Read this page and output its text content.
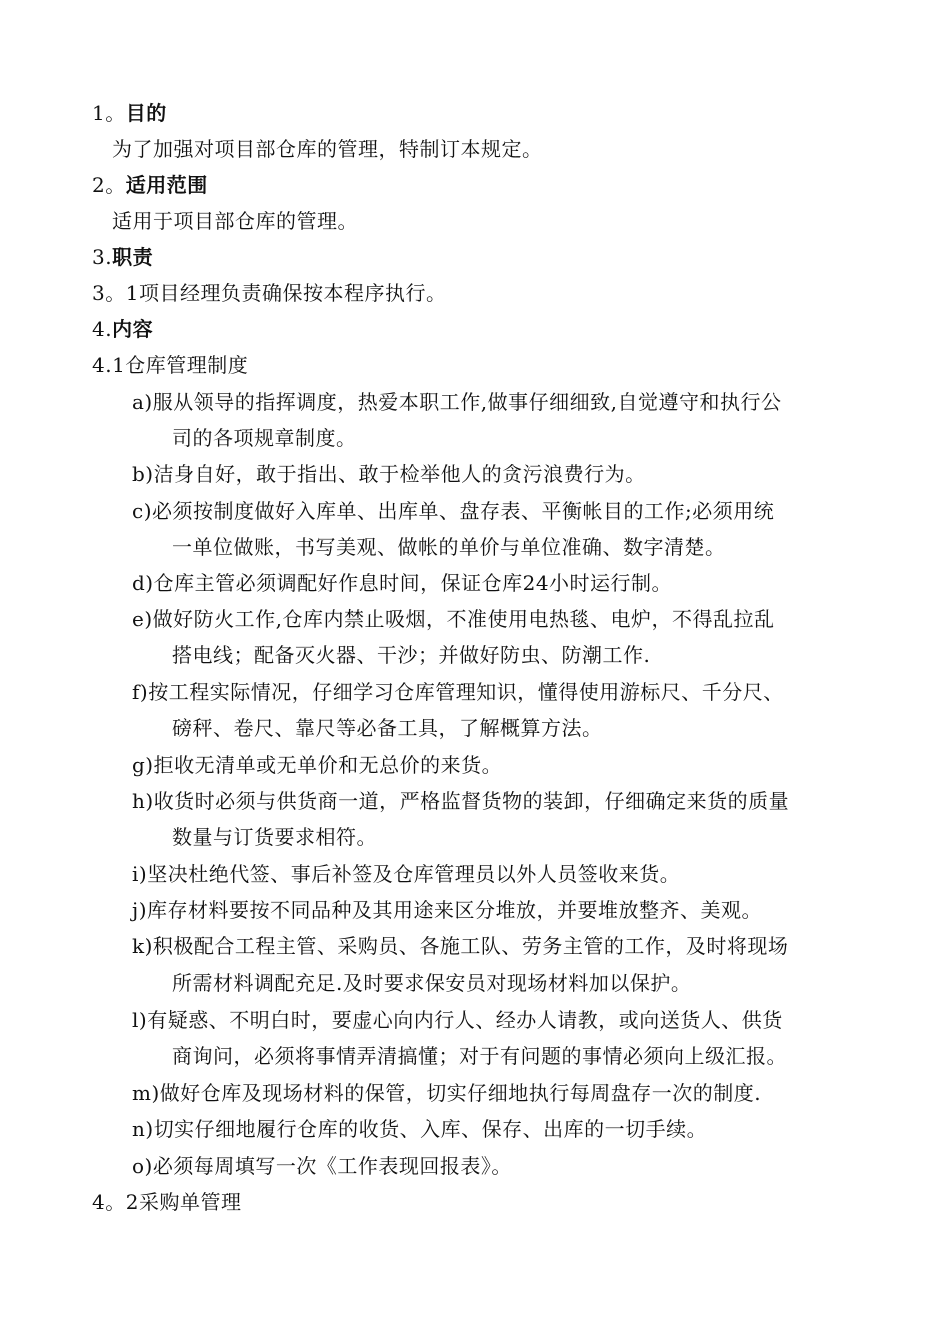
1。目的
为了加强对项目部仓库的管理，特制订本规定。
2。适用范围
适用于项目部仓库的管理。
3.职责
3。1项目经理负责确保按本程序执行。
4.内容
4.1仓库管理制度
a)服从领导的指挥调度，热爱本职工作,做事仔细细致,自觉遵守和执行公
司的各项规章制度。
b)洁身自好，敢于指出、敢于检举他人的贪污浪费行为。
c)必须按制度做好入库单、出库单、盘存表、平衡帐目的工作;必须用统
一单位做账，书写美观、做帐的单价与单位准确、数字清楚。
d)仓库主管必须调配好作息时间，保证仓库24小时运行制。
e)做好防火工作,仓库内禁止吸烟，不准使用电热毯、电炉，不得乱拉乱
搭电线；配备灭火器、干沙；并做好防虫、防潮工作.
f)按工程实际情况，仔细学习仓库管理知识，懂得使用游标尺、千分尺、
磅秤、卷尺、靠尺等必备工具，了解概算方法。
g)拒收无清单或无单价和无总价的来货。
h)收货时必须与供货商一道，严格监督货物的装卸，仔细确定来货的质量
数量与订货要求相符。
i)坚决杜绝代签、事后补签及仓库管理员以外人员签收来货。
j)库存材料要按不同品种及其用途来区分堆放，并要堆放整齐、美观。
k)积极配合工程主管、采购员、各施工队、劳务主管的工作，及时将现场
所需材料调配充足.及时要求保安员对现场材料加以保护。
l)有疑惑、不明白时，要虚心向内行人、经办人请教，或向送货人、供货
商询问，必须将事情弄清搞懂；对于有问题的事情必须向上级汇报。
m)做好仓库及现场材料的保管，切实仔细地执行每周盘存一次的制度.
n)切实仔细地履行仓库的收货、入库、保存、出库的一切手续。
o)必须每周填写一次《工作表现回报表》。
4。2采购单管理
